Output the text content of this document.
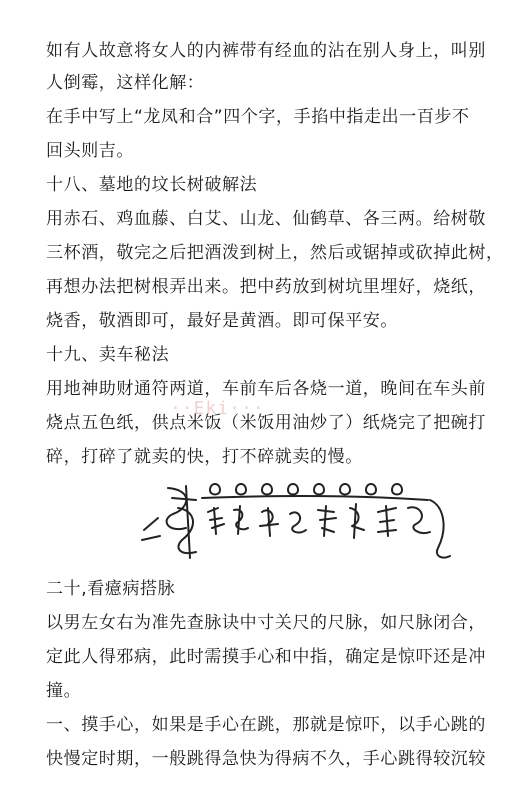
如有人故意将女人的内裤带有经血的沾在别人身上，叫别
人倒霉，这样化解：
在手中写上“龙凤和合”四个字，手掐中指走出一百步不
回头则吉。
十八、墓地的坟长树破解法
用赤石、鸡血藤、白艾、山龙、仙鹤草、各三两。给树敬
三杯酒，敬完之后把酒泼到树上，然后或锯掉或砍掉此树，
再想办法把树根弄出来。把中药放到树坑里埋好，烧纸，
烧香，敬酒即可，最好是黄酒。即可保平安。
十九、卖车秘法
用地神助财通符两道，车前车后各烧一道，晚间在车头前
烧点五色纸，供点米饭（米饭用油炒了）纸烧完了把碗打
碎，打碎了就卖的快，打不碎就卖的慢。
··Eki···
二十,看癔病搭脉
以男左女右为准先查脉诀中寸关尺的尺脉，如尺脉闭合，
定此人得邪病，此时需摸手心和中指，确定是惊吓还是冲
撞。
一、摸手心，如果是手心在跳，那就是惊吓，以手心跳的
快慢定时期，一般跳得急快为得病不久，手心跳得较沉较
